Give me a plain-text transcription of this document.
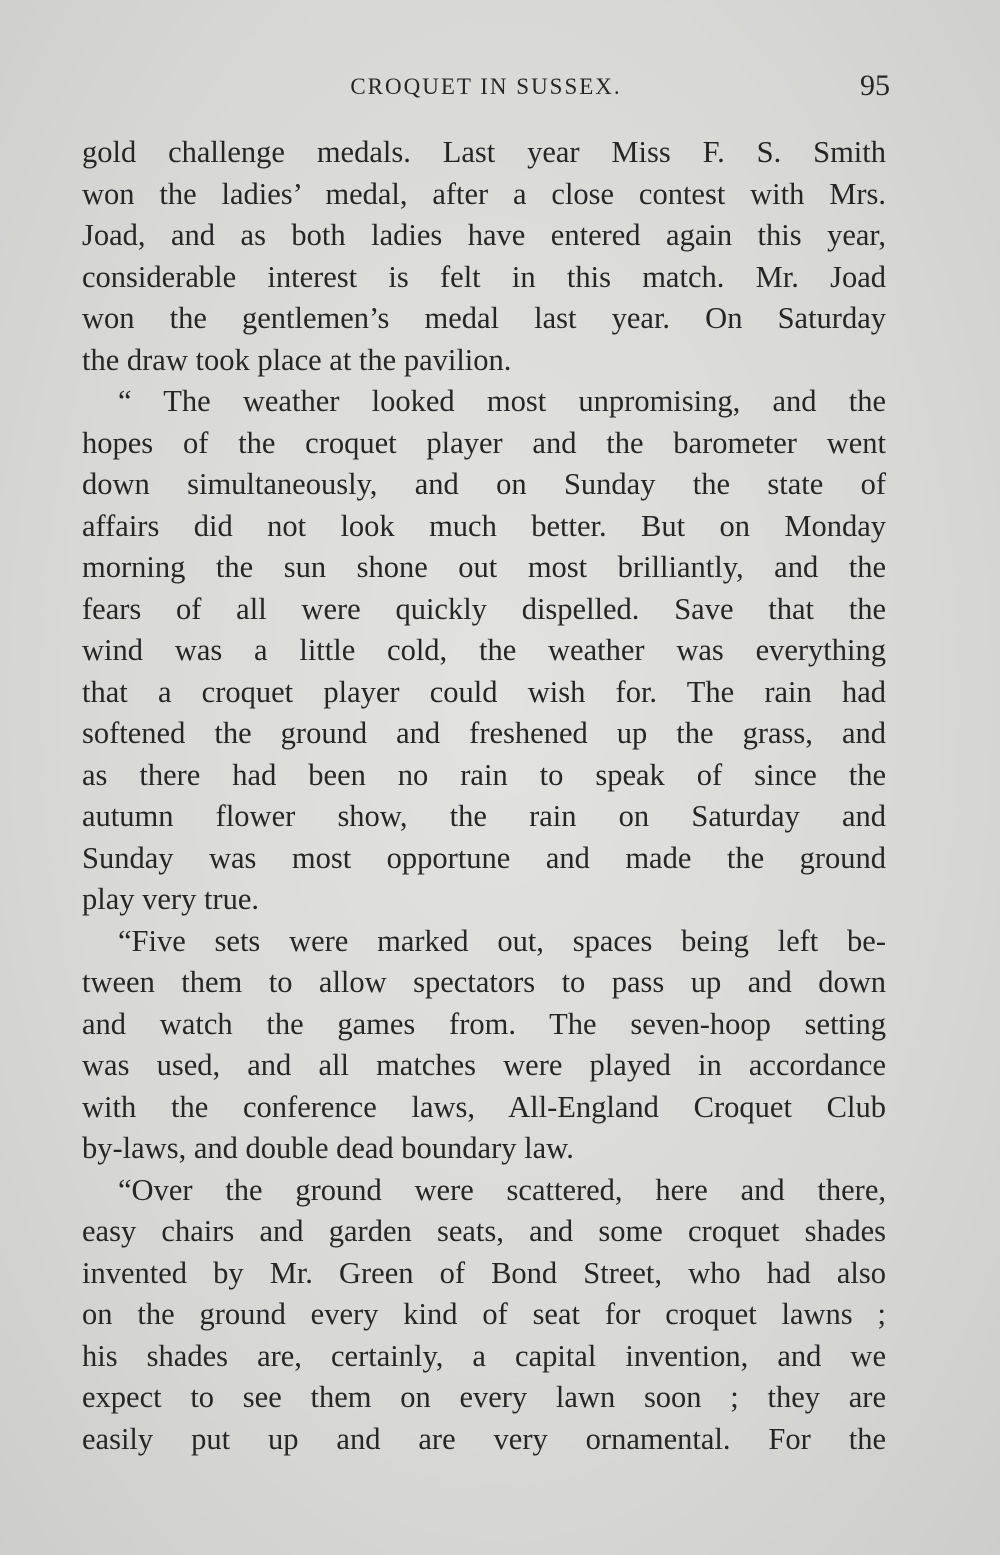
CROQUET IN SUSSEX.	95
gold challenge medals. Last year Miss F. S. Smith
won the ladies’ medal, after a close contest with Mrs.
Joad, and as both ladies have entered again this year,
considerable interest is felt in this match. Mr. Joad
won the gentlemen’s medal last year. On Saturday
the draw took place at the pavilion.
“ The weather looked most unpromising, and the
hopes of the croquet player and the barometer went
down simultaneously, and on Sunday the state of
affairs did not look much better. But on Monday
morning the sun shone out most brilliantly, and the
fears of all were quickly dispelled. Save that the
wind was a little cold, the weather was everything
that a croquet player could wish for. The rain had
softened the ground and freshened up the grass, and
as there had been no rain to speak of since the
autumn flower show, the rain on Saturday and
Sunday was most opportune and made the ground
play very true.
“Five sets were marked out, spaces being left be-
tween them to allow spectators to pass up and down
and watch the games from. The seven-hoop setting
was used, and all matches were played in accordance
with the conference laws, All-England Croquet Club
by-laws, and double dead boundary law.
“Over the ground were scattered, here and there,
easy chairs and garden seats, and some croquet shades
invented by Mr. Green of Bond Street, who had also
on the ground every kind of seat for croquet lawns ;
his shades are, certainly, a capital invention, and we
expect to see them on every lawn soon ; they are
easily put up and are very ornamental. For the
